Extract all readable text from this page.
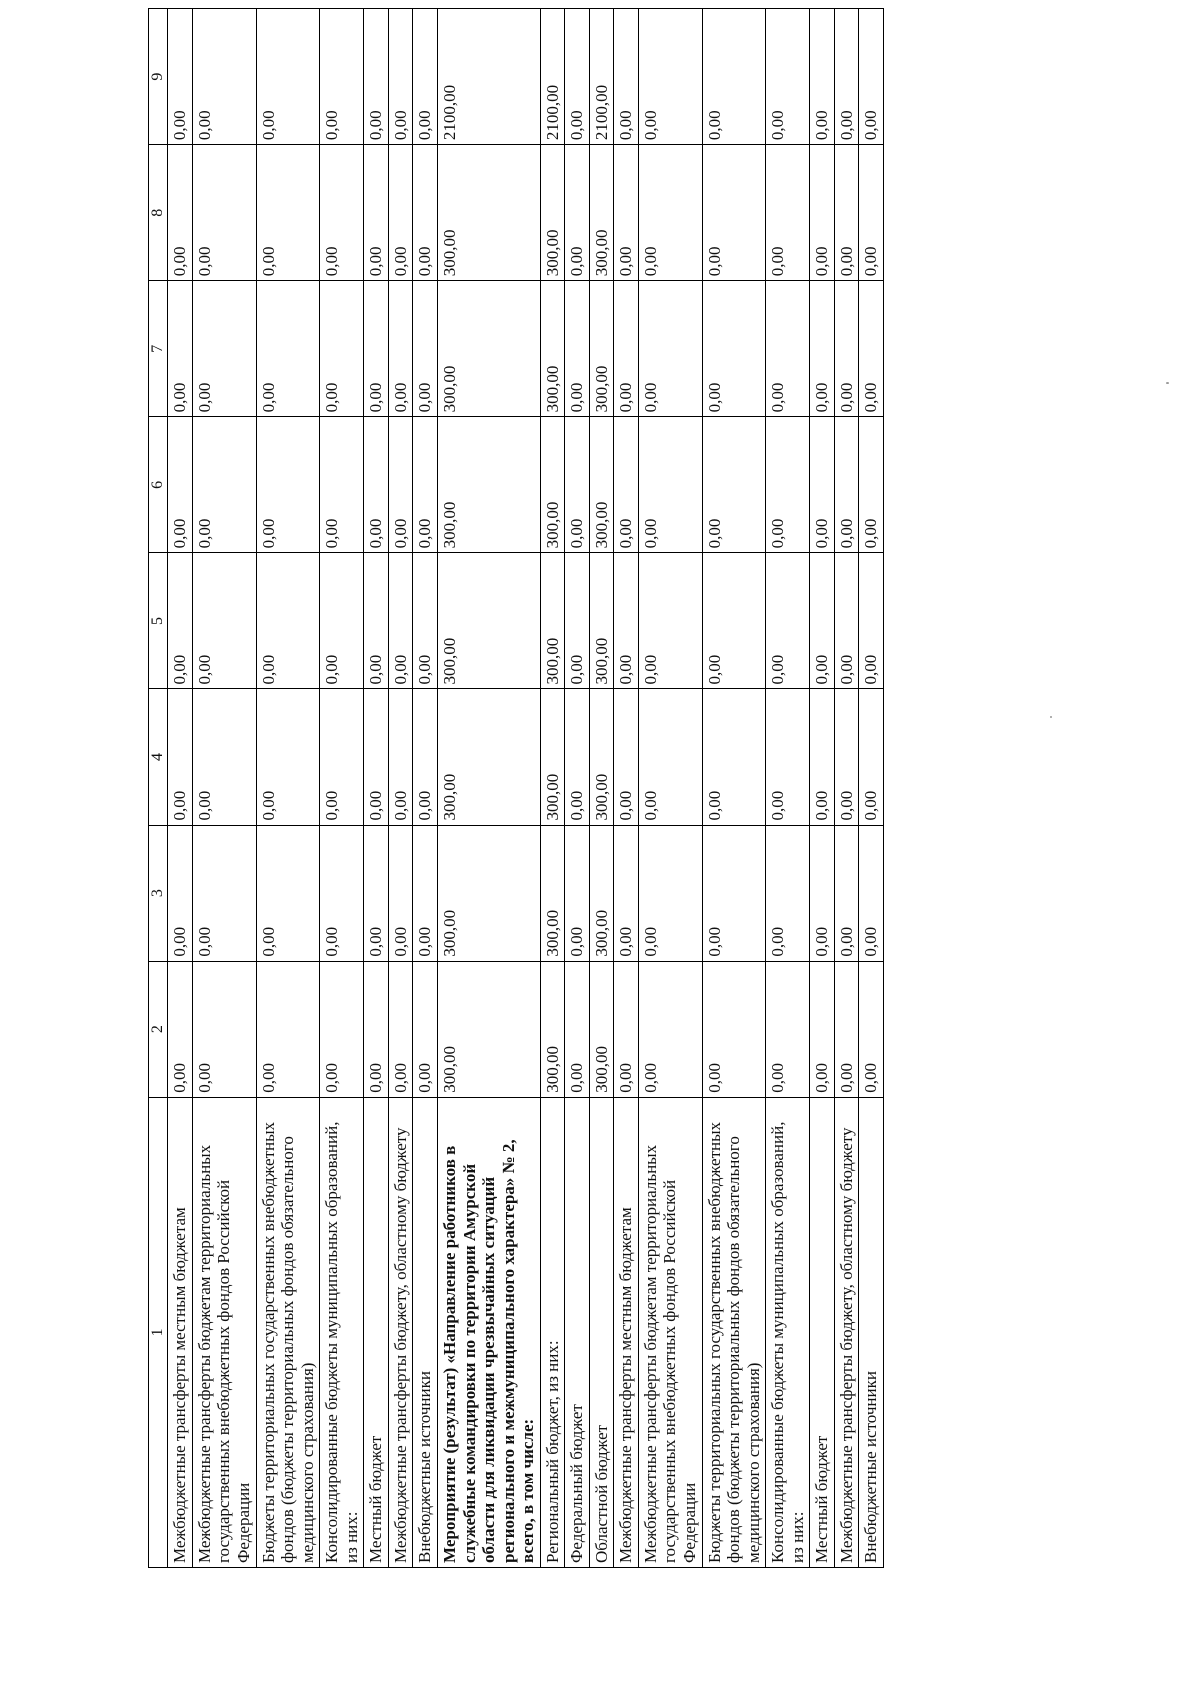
1	2	3	4	5	6	7	8	9
Межбюджетные трансферты местным бюджетам	0,00	0,00	0,00	0,00	0,00	0,00	0,00	0,00
Межбюджетные трансферты бюджетам территориальных государственных внебюджетных фондов Российской Федерации	0,00	0,00	0,00	0,00	0,00	0,00	0,00	0,00
Бюджеты территориальных государственных внебюджетных фондов (бюджеты территориальных фондов обязательного медицинского страхования)	0,00	0,00	0,00	0,00	0,00	0,00	0,00	0,00
Консолидированные бюджеты муниципальных образований, из них:	0,00	0,00	0,00	0,00	0,00	0,00	0,00	0,00
Местный бюджет	0,00	0,00	0,00	0,00	0,00	0,00	0,00	0,00
Межбюджетные трансферты бюджету, областному бюджету	0,00	0,00	0,00	0,00	0,00	0,00	0,00	0,00
Внебюджетные источники	0,00	0,00	0,00	0,00	0,00	0,00	0,00	0,00
Мероприятие (результат) «Направление работников в служебные командировки по территории Амурской области для ликвидации чрезвычайных ситуаций регионального и межмуниципального характера» № 2, всего, в том числе:	300,00	300,00	300,00	300,00	300,00	300,00	300,00	2100,00
Региональный бюджет, из них:	300,00	300,00	300,00	300,00	300,00	300,00	300,00	2100,00
Федеральный бюджет	0,00	0,00	0,00	0,00	0,00	0,00	0,00	0,00
Областной бюджет	300,00	300,00	300,00	300,00	300,00	300,00	300,00	2100,00
Межбюджетные трансферты местным бюджетам	0,00	0,00	0,00	0,00	0,00	0,00	0,00	0,00
Межбюджетные трансферты бюджетам территориальных государственных внебюджетных фондов Российской Федерации	0,00	0,00	0,00	0,00	0,00	0,00	0,00	0,00
Бюджеты территориальных государственных внебюджетных фондов (бюджеты территориальных фондов обязательного медицинского страхования)	0,00	0,00	0,00	0,00	0,00	0,00	0,00	0,00
Консолидированные бюджеты муниципальных образований, из них:	0,00	0,00	0,00	0,00	0,00	0,00	0,00	0,00
Местный бюджет	0,00	0,00	0,00	0,00	0,00	0,00	0,00	0,00
Межбюджетные трансферты бюджету, областному бюджету	0,00	0,00	0,00	0,00	0,00	0,00	0,00	0,00
Внебюджетные источники	0,00	0,00	0,00	0,00	0,00	0,00	0,00	0,00
